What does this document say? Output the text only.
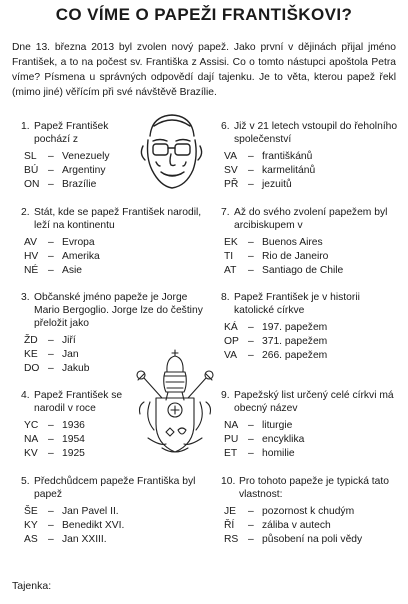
CO VÍME O PAPEŽI FRANTIŠKOVI?
Dne 13. března 2013 byl zvolen nový papež. Jako první v dějinách přijal jméno František, a to na počest sv. Františka z Assisi. Co o tomto nástupci apoštola Petra víme? Písmena u správných odpovědí dají tajenku. Je to věta, kterou papež řekl (mimo jiné) věřícím při své návštěvě Brazílie.
1. Papež František pochází z
SL	– Venezuely
BÚ – Argentiny
ON – Brazílie
2. Stát, kde se papež František narodil, leží na kontinentu
AV	– Evropa
HV – Amerika
NÉ – Asie
3. Občanské jméno papeže je Jorge Mario Bergoglio. Jorge lze do češtiny přeložit jako
ŽD – Jiří
KE – Jan
DO – Jakub
4. Papež František se narodil v roce
YC – 1936
NA – 1954
KV – 1925
5. Předchůdcem papeže Františka byl papež
ŠE – Jan Pavel II.
KY – Benedikt XVI.
AS – Jan XXIII.
6. Již v 21 letech vstoupil do řeholního společenství
VA	– františkánů
SV – karmelitánů
PŘ – jezuitů
7. Až do svého zvolení papežem byl arcibiskupem v
EK – Buenos Aires
TI	– Rio de Janeiro
AT	– Santiago de Chile
8. Papež František je v historii katolické církve
KÁ – 197. papežem
OP – 371. papežem
VA	– 266. papežem
9. Papežský list určený celé církvi má obecný název
NA – liturgie
PU – encyklika
ET	– homilie
10. Pro tohoto papeže je typická tato vlastnost:
JE	– pozornost k chudým
ŘÍ	– záliba v autech
RS – působení na poli vědy
Tajenka:
